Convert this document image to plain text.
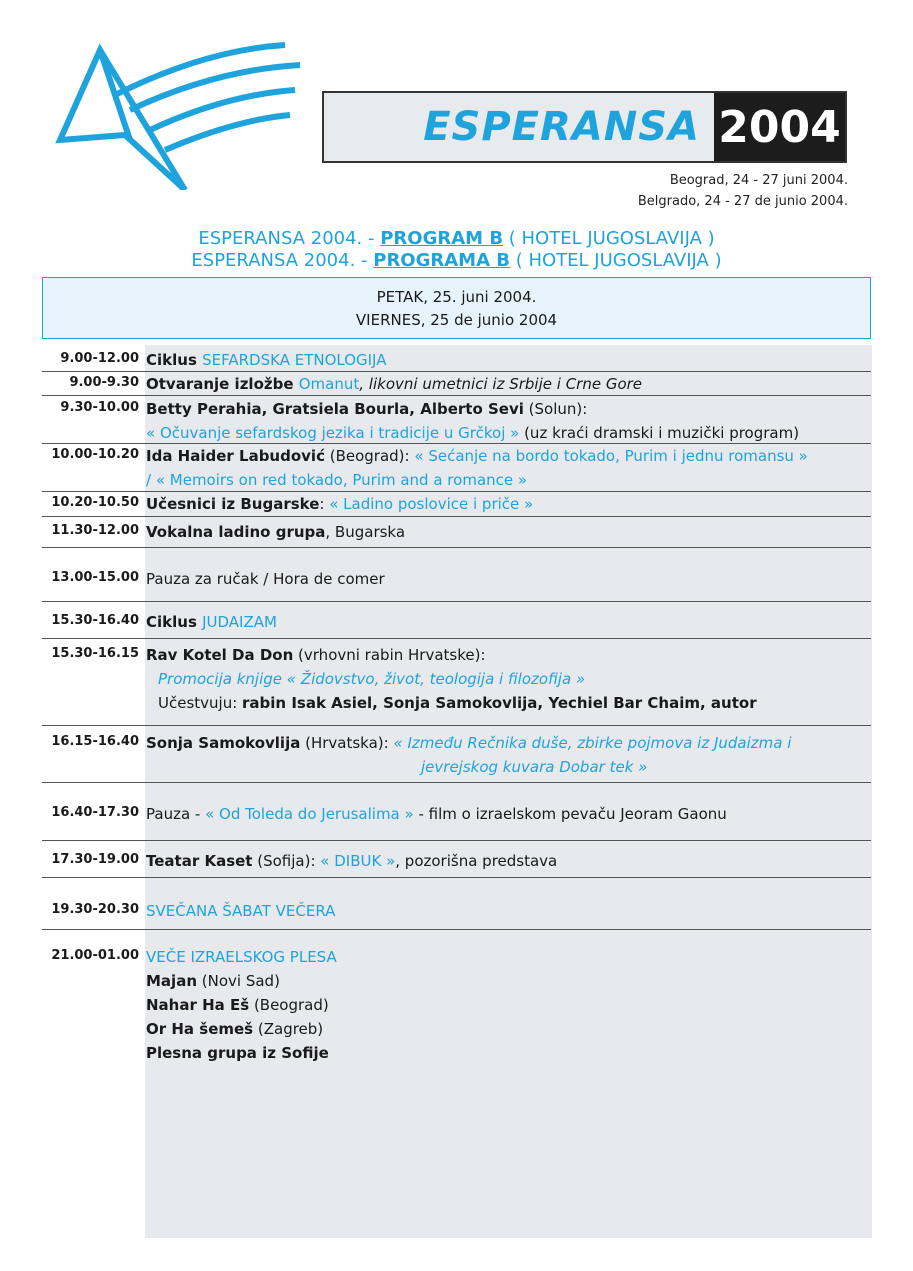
ESPERANSA 2004
Beograd, 24 - 27 juni 2004.
Belgrado, 24 - 27 de junio 2004.
ESPERANSA 2004. - PROGRAM B ( HOTEL JUGOSLAVIJA )
ESPERANSA 2004. - PROGRAMA B ( HOTEL JUGOSLAVIJA )
PETAK, 25. juni 2004.
VIERNES, 25 de junio 2004
9.00-12.00 Ciklus SEFARDSKA ETNOLOGIJA
9.00-9.30 Otvaranje izložbe Omanut, likovni umetnici iz Srbije i Crne Gore
9.30-10.00 Betty Perahia, Gratsiela Bourla, Alberto Sevi (Solun):
« Očuvanje sefardskog jezika i tradicije u Grčkoj » (uz kraći dramski i muzički program)
10.00-10.20 Ida Haider Labudović (Beograd): « Sećanje na bordo tokado, Purim i jednu romansu »
/ « Memoirs on red tokado, Purim and a romance »
10.20-10.50 Učesnici iz Bugarske: « Ladino poslovice i priče »
11.30-12.00 Vokalna ladino grupa, Bugarska
13.00-15.00 Pauza za ručak / Hora de comer
15.30-16.40 Ciklus JUDAIZAM
15.30-16.15 Rav Kotel Da Don (vrhovni rabin Hrvatske):
Promocija knjige « Židovstvo, život, teologija i filozofija »
Učestvuju: rabin Isak Asiel, Sonja Samokovlija, Yechiel Bar Chaim, autor
16.15-16.40 Sonja Samokovlija (Hrvatska): « Između Rečnika duše, zbirke pojmova iz Judaizma i
jevrejskog kuvara Dobar tek »
16.40-17.30 Pauza - « Od Toleda do Jerusalima » - film o izraelskom pevaču Jeoram Gaonu
17.30-19.00 Teatar Kaset (Sofija): « DIBUK », pozorišna predstava
19.30-20.30 SVEČANA ŠABAT VEČERA
21.00-01.00 VEČE IZRAELSKOG PLESA
Majan (Novi Sad)
Nahar Ha Eš (Beograd)
Or Ha šemeš (Zagreb)
Plesna grupa iz Sofije
